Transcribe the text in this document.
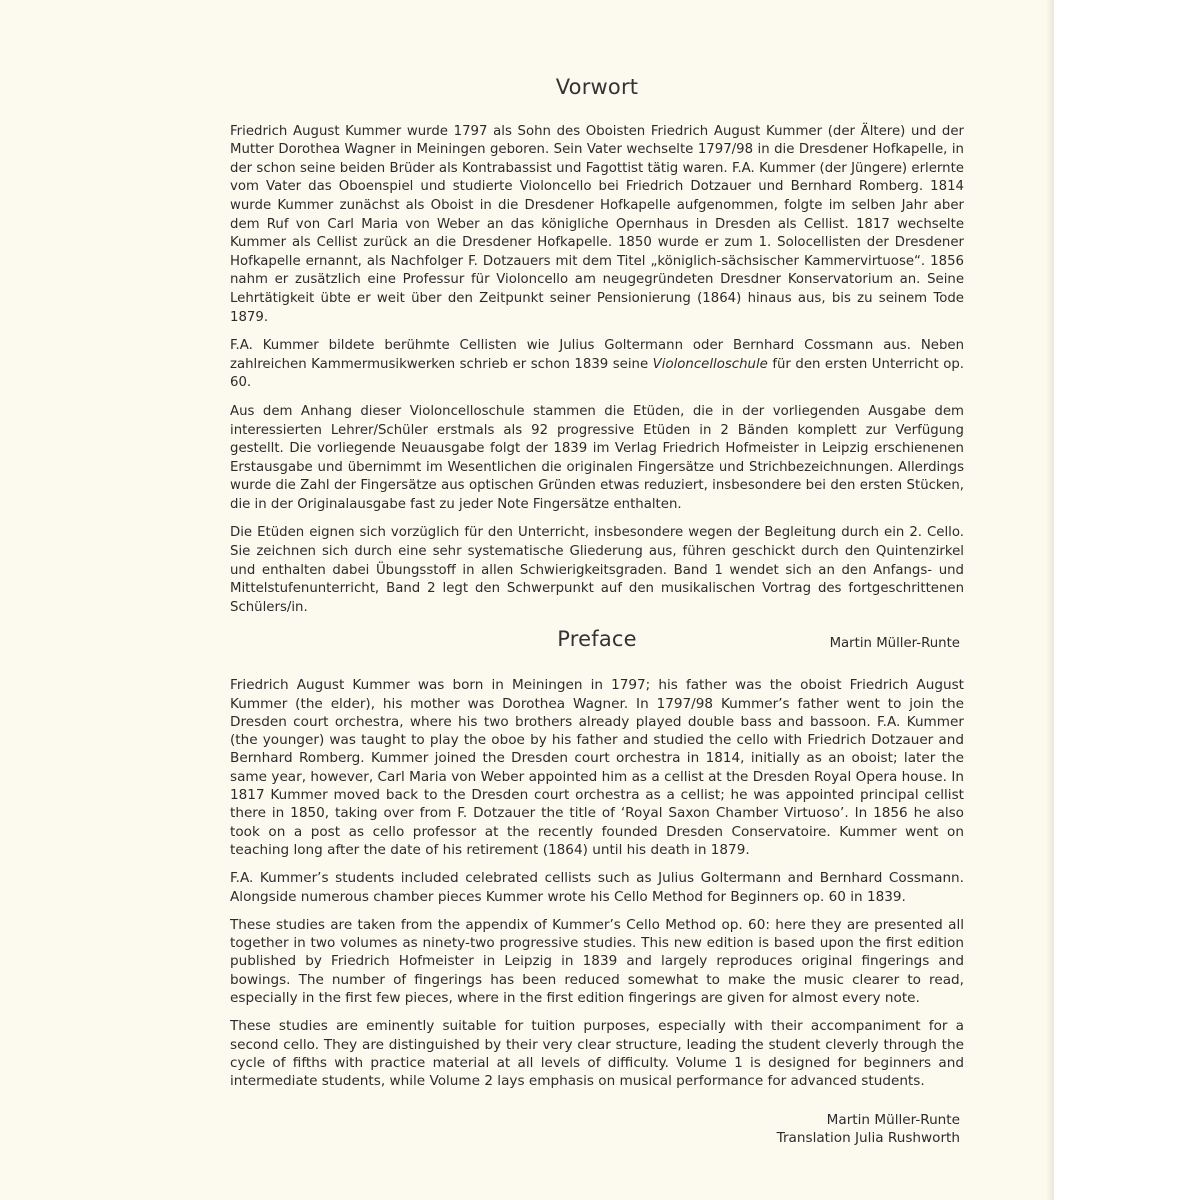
Vorwort

Friedrich August Kummer wurde 1797 als Sohn des Oboisten Friedrich August Kummer (der Ältere) und der Mutter Dorothea Wagner in Meiningen geboren. Sein Vater wechselte 1797/98 in die Dresdener Hofkapelle, in der schon seine beiden Brüder als Kontrabassist und Fagottist tätig waren. F.A. Kummer (der Jüngere) erlernte vom Vater das Oboenspiel und studierte Violoncello bei Friedrich Dotzauer und Bernhard Romberg. 1814 wurde Kummer zunächst als Oboist in die Dresdener Hofkapelle aufgenommen, folgte im selben Jahr aber dem Ruf von Carl Maria von Weber an das königliche Opernhaus in Dresden als Cellist. 1817 wechselte Kummer als Cellist zurück an die Dresdener Hofkapelle. 1850 wurde er zum 1. Solocellisten der Dresdener Hofkapelle ernannt, als Nachfolger F. Dotzauers mit dem Titel „königlich-sächsischer Kammervirtuose“. 1856 nahm er zusätzlich eine Professur für Violoncello am neugegründeten Dresdner Konservatorium an. Seine Lehrtätigkeit übte er weit über den Zeitpunkt seiner Pensionierung (1864) hinaus aus, bis zu seinem Tode 1879.

F.A. Kummer bildete berühmte Cellisten wie Julius Goltermann oder Bernhard Cossmann aus. Neben zahlreichen Kammermusikwerken schrieb er schon 1839 seine Violoncelloschule für den ersten Unterricht op. 60.

Aus dem Anhang dieser Violoncelloschule stammen die Etüden, die in der vorliegenden Ausgabe dem interessierten Lehrer/Schüler erstmals als 92 progressive Etüden in 2 Bänden komplett zur Verfügung gestellt. Die vorliegende Neuausgabe folgt der 1839 im Verlag Friedrich Hofmeister in Leipzig erschienenen Erstausgabe und übernimmt im Wesentlichen die originalen Fingersätze und Strichbezeichnungen. Allerdings wurde die Zahl der Fingersätze aus optischen Gründen etwas reduziert, insbesondere bei den ersten Stücken, die in der Originalausgabe fast zu jeder Note Fingersätze enthalten.

Die Etüden eignen sich vorzüglich für den Unterricht, insbesondere wegen der Begleitung durch ein 2. Cello. Sie zeichnen sich durch eine sehr systematische Gliederung aus, führen geschickt durch den Quintenzirkel und enthalten dabei Übungsstoff in allen Schwierigkeitsgraden. Band 1 wendet sich an den Anfangs- und Mittelstufenunterricht, Band 2 legt den Schwerpunkt auf den musikalischen Vortrag des fortgeschrittenen Schülers/in.

Martin Müller-Runte
Preface

Friedrich August Kummer was born in Meiningen in 1797; his father was the oboist Friedrich August Kummer (the elder), his mother was Dorothea Wagner. In 1797/98 Kummer’s father went to join the Dresden court orchestra, where his two brothers already played double bass and bassoon. F.A. Kummer (the younger) was taught to play the oboe by his father and studied the cello with Friedrich Dotzauer and Bernhard Romberg. Kummer joined the Dresden court orchestra in 1814, initially as an oboist; later the same year, however, Carl Maria von Weber appointed him as a cellist at the Dresden Royal Opera house. In 1817 Kummer moved back to the Dresden court orchestra as a cellist; he was appointed principal cellist there in 1850, taking over from F. Dotzauer the title of ‘Royal Saxon Chamber Virtuoso’. In 1856 he also took on a post as cello professor at the recently founded Dresden Conservatoire. Kummer went on teaching long after the date of his retirement (1864) until his death in 1879.

F.A. Kummer’s students included celebrated cellists such as Julius Goltermann and Bernhard Cossmann. Alongside numerous chamber pieces Kummer wrote his Cello Method for Beginners op. 60 in 1839.

These studies are taken from the appendix of Kummer’s Cello Method op. 60: here they are presented all together in two volumes as ninety-two progressive studies. This new edition is based upon the first edition published by Friedrich Hofmeister in Leipzig in 1839 and largely reproduces original fingerings and bowings. The number of fingerings has been reduced somewhat to make the music clearer to read, especially in the first few pieces, where in the first edition fingerings are given for almost every note.

These studies are eminently suitable for tuition purposes, especially with their accompaniment for a second cello. They are distinguished by their very clear structure, leading the student cleverly through the cycle of fifths with practice material at all levels of difficulty. Volume 1 is designed for beginners and intermediate students, while Volume 2 lays emphasis on musical performance for advanced students.

Martin Müller-Runte
Translation Julia Rushworth
